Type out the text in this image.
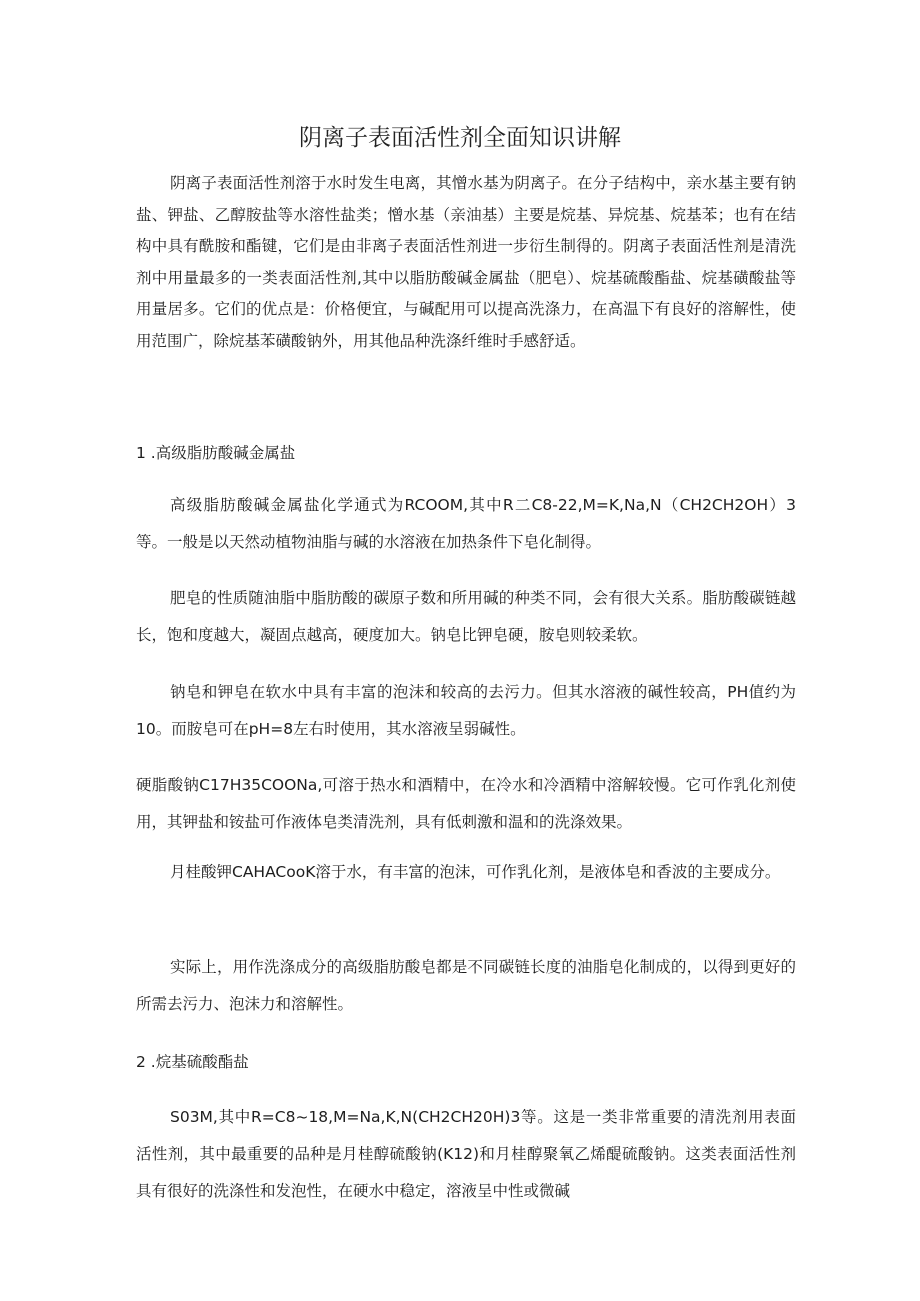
阴离子表面活性剂全面知识讲解

阴离子表面活性剂溶于水时发生电离，其憎水基为阴离子。在分子结构中，亲水基主要有钠盐、钾盐、乙醇胺盐等水溶性盐类；憎水基（亲油基）主要是烷基、异烷基、烷基苯；也有在结构中具有酰胺和酯键，它们是由非离子表面活性剂进一步衍生制得的。阴离子表面活性剂是清洗剂中用量最多的一类表面活性剂,其中以脂肪酸碱金属盐（肥皂）、烷基硫酸酯盐、烷基磺酸盐等用量居多。它们的优点是：价格便宜，与碱配用可以提高洗涤力，在高温下有良好的溶解性，使用范围广，除烷基苯磺酸钠外，用其他品种洗涤纤维时手感舒适。

1 .高级脂肪酸碱金属盐

高级脂肪酸碱金属盐化学通式为RCOOM,其中R二C8-22,M=K,Na,N（CH2CH2OH）3等。一般是以天然动植物油脂与碱的水溶液在加热条件下皂化制得。

肥皂的性质随油脂中脂肪酸的碳原子数和所用碱的种类不同，会有很大关系。脂肪酸碳链越长，饱和度越大，凝固点越高，硬度加大。钠皂比钾皂硬，胺皂则较柔软。

钠皂和钾皂在软水中具有丰富的泡沫和较高的去污力。但其水溶液的碱性较高，PH值约为10。而胺皂可在pH=8左右时使用，其水溶液呈弱碱性。

硬脂酸钠C17H35COONa,可溶于热水和酒精中，在冷水和冷酒精中溶解较慢。它可作乳化剂使用，其钾盐和铵盐可作液体皂类清洗剂，具有低刺激和温和的洗涤效果。

月桂酸钾CAHACooK溶于水，有丰富的泡沫，可作乳化剂，是液体皂和香波的主要成分。

实际上，用作洗涤成分的高级脂肪酸皂都是不同碳链长度的油脂皂化制成的，以得到更好的所需去污力、泡沫力和溶解性。

2 .烷基硫酸酯盐

S03M,其中R=C8~18,M=Na,K,N(CH2CH20H)3等。这是一类非常重要的清洗剂用表面活性剂，其中最重要的品种是月桂醇硫酸钠(K12)和月桂醇聚氧乙烯醍硫酸钠。这类表面活性剂具有很好的洗涤性和发泡性，在硬水中稳定，溶液呈中性或微碱
